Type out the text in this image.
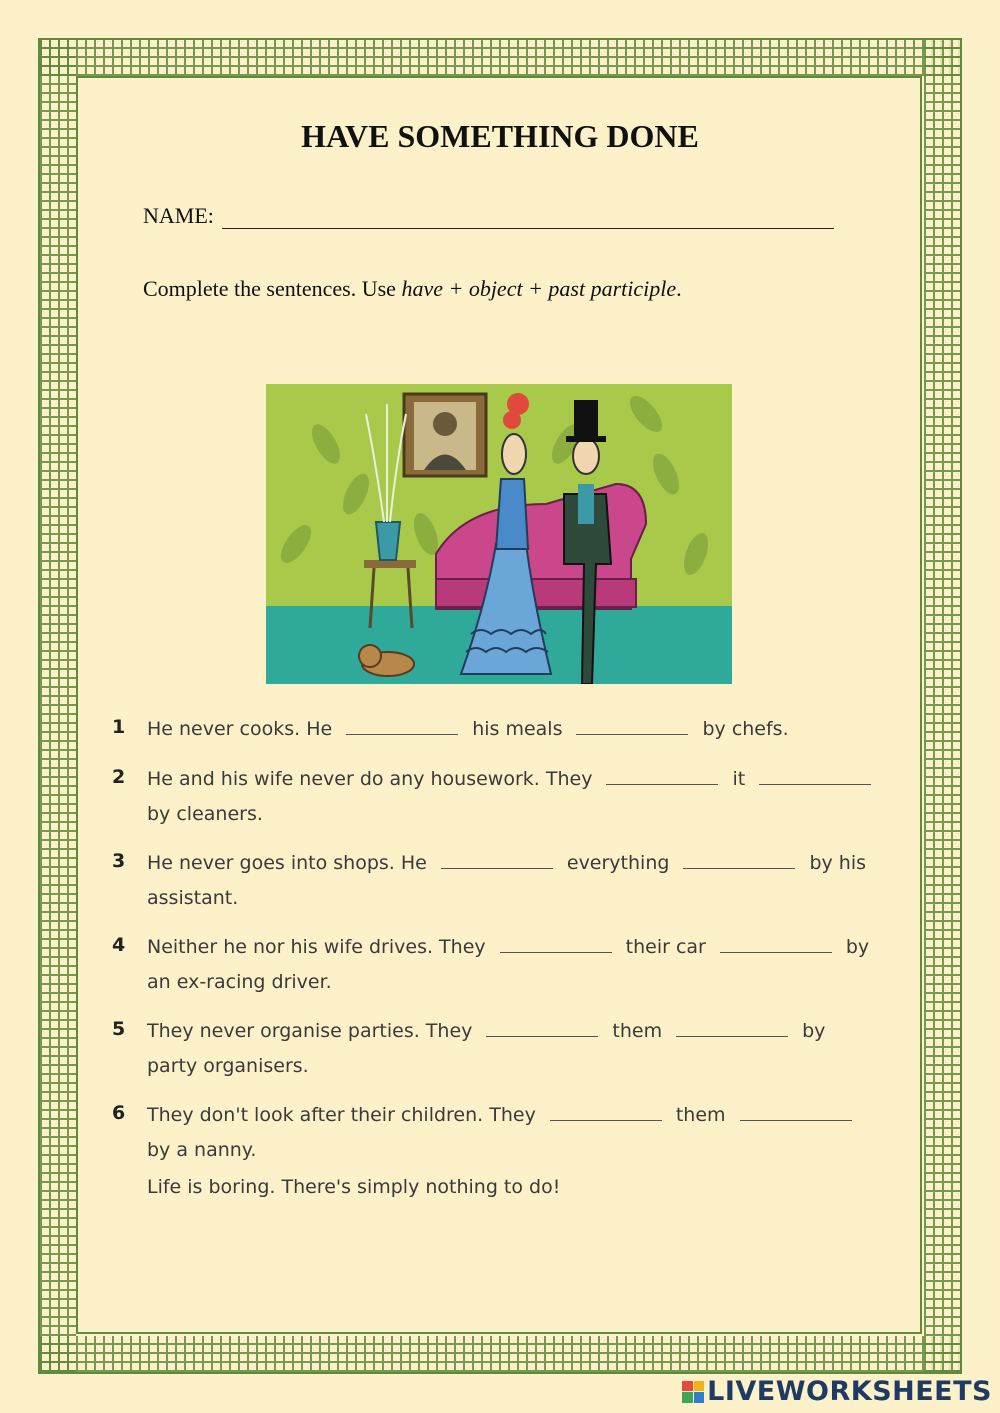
HAVE SOMETHING DONE
NAME:
Complete the sentences. Use have + object + past participle.
1 He never cooks. He	his meals	by chefs.
2 He and his wife never do any housework. They	it
by cleaners.
3 He never goes into shops. He	everything	by his
assistant.
4 Neither he nor his wife drives. They	their car	by
an ex-racing driver.
5 They never organise parties. They	them	by
party organisers.
6 They don't look after their children. They	them
by a nanny.
Life is boring. There's simply nothing to do!
LIVEWORKSHEETS
